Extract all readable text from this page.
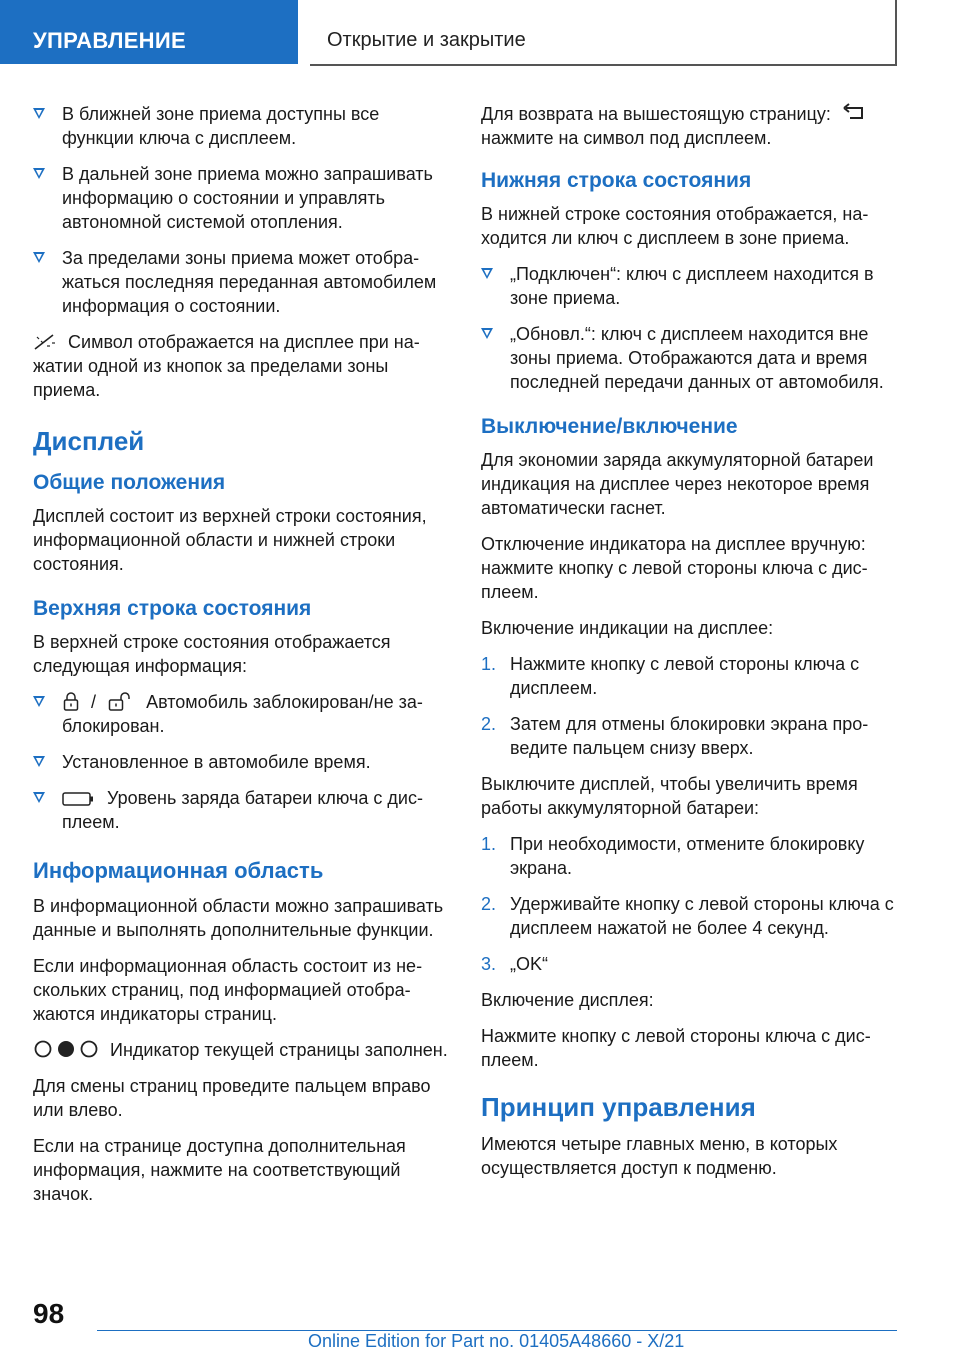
УПРАВЛЕНИЕ	Открытие и закрытие
В ближней зоне приема доступны все функции ключа с дисплеем.
В дальней зоне приема можно запрашивать информацию о состоянии и управлять автономной системой отопления.
За пределами зоны приема может отображаться последняя переданная автомобилем информация о состоянии.

Символ отображается на дисплее при нажатии одной из кнопок за пределами зоны приема.

Дисплей
Общие положения

Дисплей состоит из верхней строки состояния, информационной области и нижней строки состояния.

Верхняя строка состояния

В верхней строке состояния отображается следующая информация:

/	Автомобиль заблокирован/не заблокирован.
Установленное в автомобиле время.
Уровень заряда батареи ключа с дисплеем.
Информационная область

В информационной области можно запрашивать данные и выполнять дополнительные функции.

Если информационная область состоит из нескольких страниц, под информацией отображаются индикаторы страниц.

Индикатор текущей страницы заполнен.

Для смены страниц проведите пальцем вправо или влево.

Если на странице доступна дополнительная информация, нажмите на соответствующий значок.

Для возврата на вышестоящую страницу:
нажмите на символ под дисплеем.

Нижняя строка состояния

В нижней строке состояния отображается, находится ли ключ с дисплеем в зоне приема.

„Подключен“: ключ с дисплеем находится в зоне приема.
„Обновл.“: ключ с дисплеем находится вне зоны приема. Отображаются дата и время последней передачи данных от автомобиля.
Выключение/включение

Для экономии заряда аккумуляторной батареи индикация на дисплее через некоторое время автоматически гаснет.

Отключение индикатора на дисплее вручную: нажмите кнопку с левой стороны ключа с дисплеем.

Включение индикации на дисплее:

1. Нажмите кнопку с левой стороны ключа с дисплеем.
2. Затем для отмены блокировки экрана проведите пальцем снизу вверх.

Выключите дисплей, чтобы увеличить время работы аккумуляторной батареи:

1. При необходимости, отмените блокировку экрана.
2. Удерживайте кнопку с левой стороны ключа с дисплеем нажатой не более 4 секунд.
3. „OK“

Включение дисплея:

Нажмите кнопку с левой стороны ключа с дисплеем.

Принцип управления

Имеются четыре главных меню, в которых осуществляется доступ к подменю.

98
Online Edition for Part no. 01405A48660 - X/21
